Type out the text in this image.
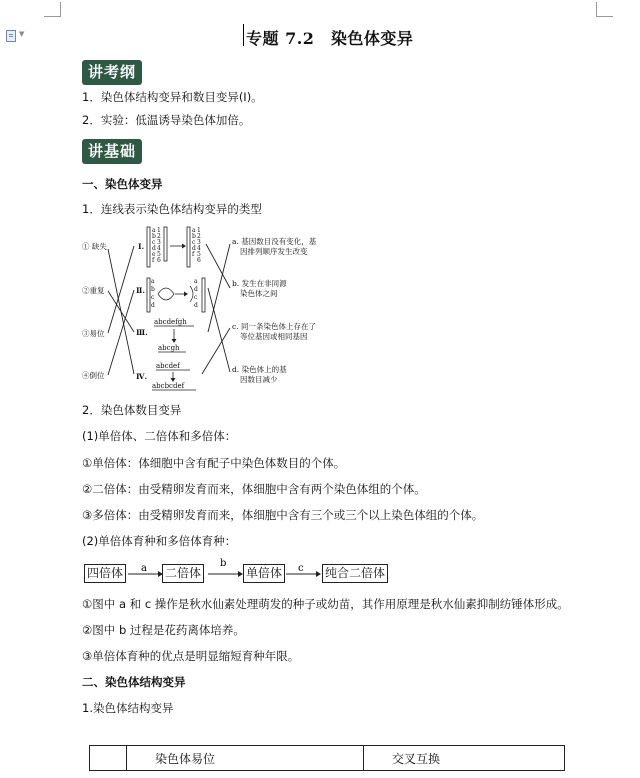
▼	专题 7.2　染色体变异
讲考纲
1．染色体结构变异和数目变异(Ⅰ)。
2．实验：低温诱导染色体加倍。
讲基础
一、染色体变异
1．连线表示染色体结构变异的类型
① 缺失
②重复
③易位
④倒位
Ⅰ.
Ⅱ.
Ⅲ.
Ⅳ.
a
b
c
d
e
f
1
2
3
4
5
6
a
b
c
d
f
1
2
3
4
5
6
a
b
c
d
a
d
c
d
abcdefgh
abcgh
abcdef
abcbcdef
a. 基因数目没有变化，基
因排列顺序发生改变
b. 发生在非同源
染色体之间
c. 同一条染色体上存在了
等位基因或相同基因
d. 染色体上的基
因数目减少
2．染色体数目变异
(1)单倍体、二倍体和多倍体：
①单倍体：体细胞中含有配子中染色体数目的个体。
②二倍体：由受精卵发育而来，体细胞中含有两个染色体组的个体。
③多倍体：由受精卵发育而来，体细胞中含有三个或三个以上染色体组的个体。
(2)单倍体育种和多倍体育种：
四倍体	二倍体	单倍体	纯合二倍体
a	b	c
①图中 a 和 c 操作是秋水仙素处理萌发的种子或幼苗，其作用原理是秋水仙素抑制纺锤体形成。
②图中 b 过程是花药离体培养。
③单倍体育种的优点是明显缩短育种年限。
二、染色体结构变异
1.染色体结构变异
	染色体易位	交叉互换
